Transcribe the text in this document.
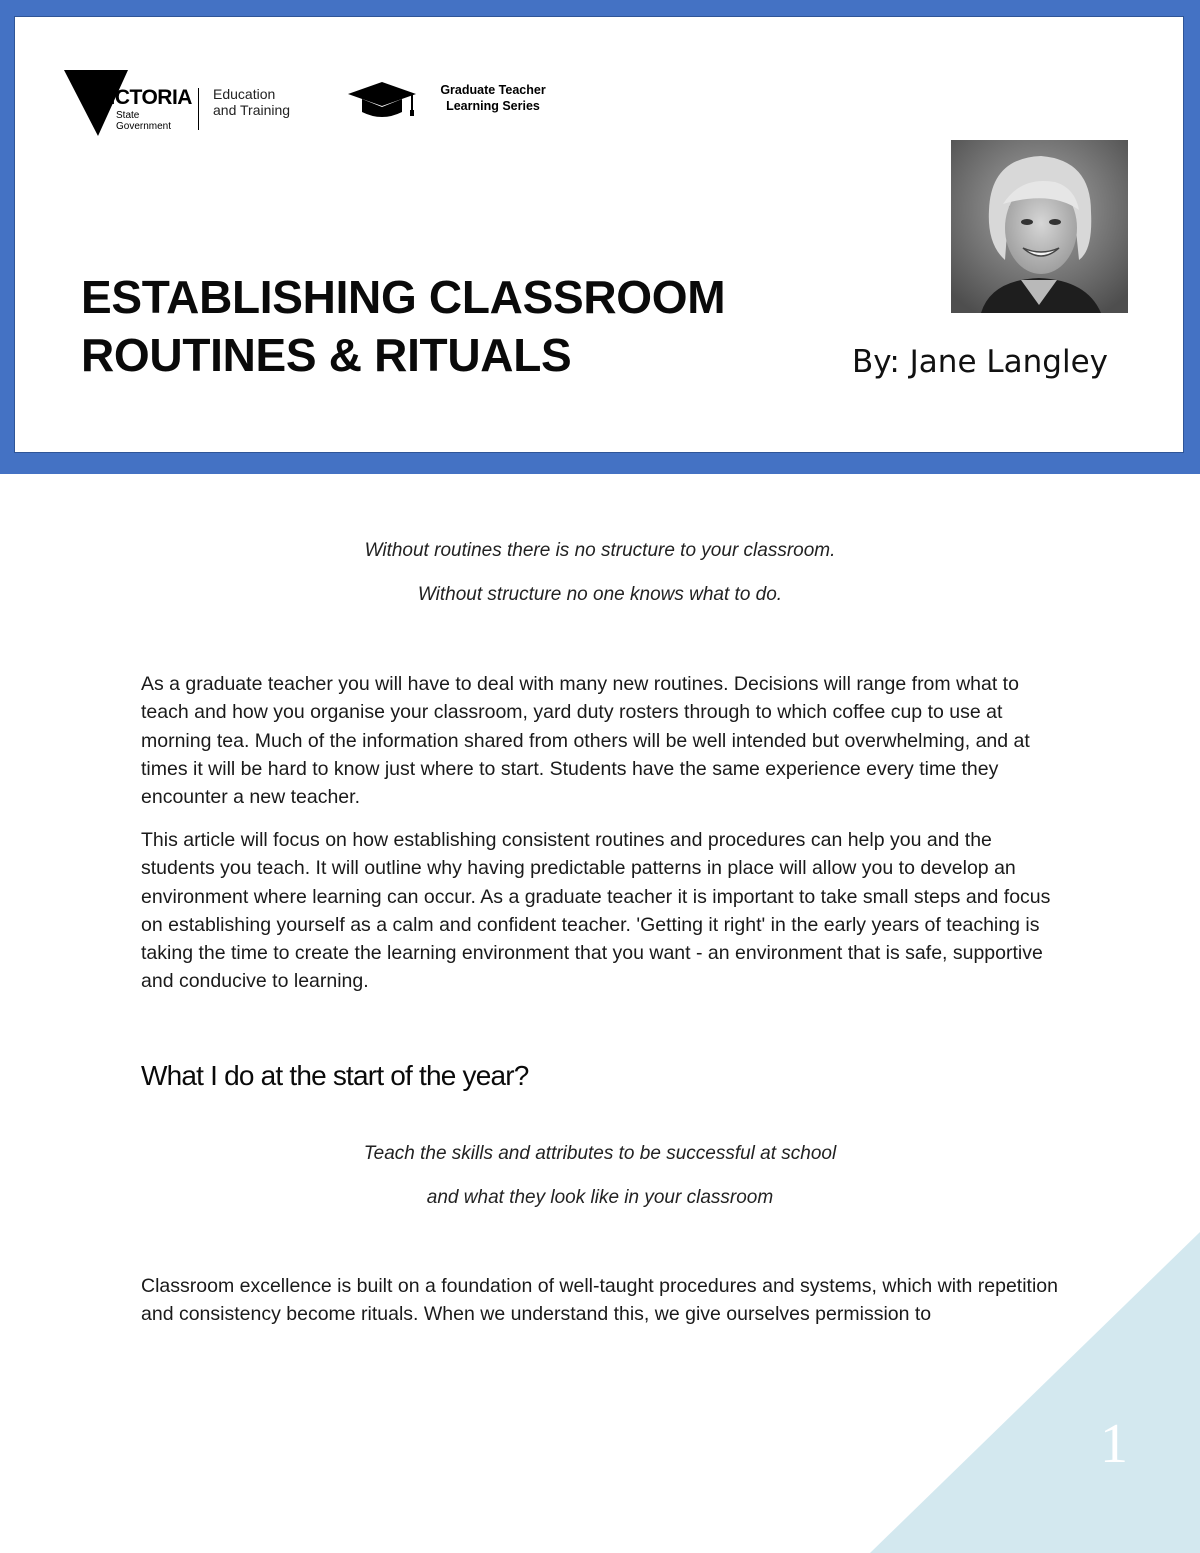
VICTORIA
State
Government
Education
and Training
Graduate Teacher
Learning Series
ESTABLISHING CLASSROOM
ROUTINES & RITUALS	By: Jane Langley
Without routines there is no structure to your classroom.
Without structure no one knows what to do.

As a graduate teacher you will have to deal with many new routines. Decisions will range from what to teach and how you organise your classroom, yard duty rosters through to which coffee cup to use at morning tea. Much of the information shared from others will be well intended but overwhelming, and at times it will be hard to know just where to start. Students have the same experience every time they encounter a new teacher.

This article will focus on how establishing consistent routines and procedures can help you and the students you teach. It will outline why having predictable patterns in place will allow you to develop an environment where learning can occur. As a graduate teacher it is important to take small steps and focus on establishing yourself as a calm and confident teacher. 'Getting it right' in the early years of teaching is taking the time to create the learning environment that you want - an environment that is safe, supportive and conducive to learning.

What I do at the start of the year?
Teach the skills and attributes to be successful at school
and what they look like in your classroom

Classroom excellence is built on a foundation of well-taught procedures and systems, which with repetition and consistency become rituals. When we understand this, we give ourselves permission to

1
